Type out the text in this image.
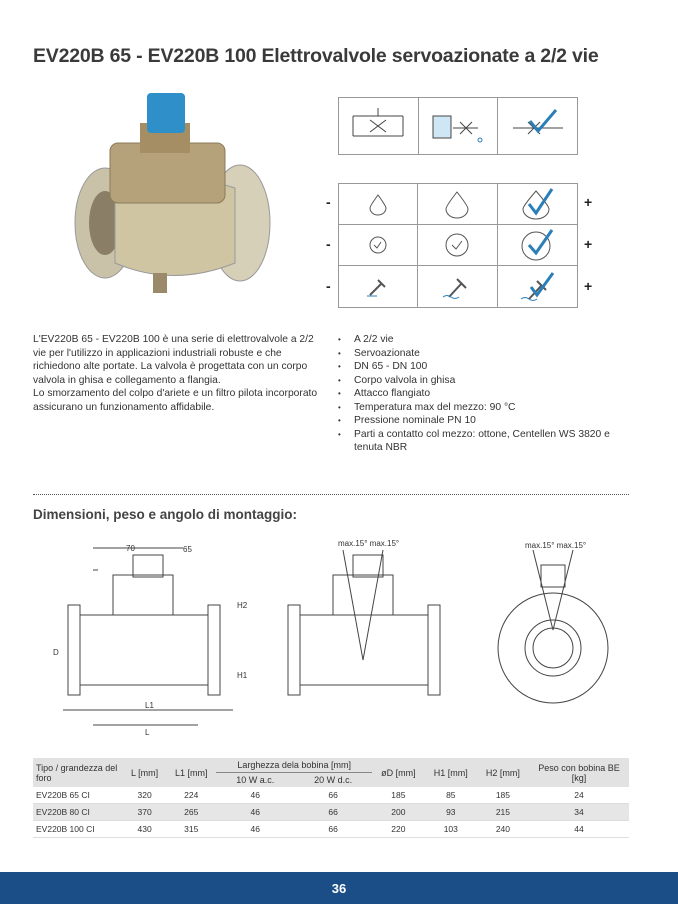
EV220B 65 - EV220B 100 Elettrovalvole servoazionate a 2/2 vie
-
-
-
+
+
+

L'EV220B 65 - EV220B 100 è una serie di elettrovalvole a 2/2 vie per l'utilizzo in applicazioni industriali robuste e che richiedono alte portate. La valvola è progettata con un corpo valvola in ghisa e collegamento a flangia.

Lo smorzamento del colpo d'ariete e un filtro pilota incorporato assicurano un funzionamento affidabile.

• A 2/2 vie
• Servoazionate
• DN 65 - DN 100
• Corpo valvola in ghisa
• Attacco flangiato
• Temperatura max del mezzo: 90 °C
• Pressione nominale PN 10
• Parti a contatto col mezzo: ottone, Centellen WS 3820 e tenuta NBR
Dimensioni, peso e angolo di montaggio:
70	65
D
L1
L
H1
H2
max.15° max.15°	max.15° max.15°
Tipo / grandezza del foro	L [mm]	L1 [mm]	Larghezza dela bobina [mm]		øD [mm]	H1 [mm]	H2 [mm]	Peso con bobina BE [kg]
			10 W a.c.	20 W d.c.				
EV220B 65 CI	320	224	46	66	185	85	185	24
EV220B 80 CI	370	265	46	66	200	93	215	34
EV220B 100 CI	430	315	46	66	220	103	240	44
36
